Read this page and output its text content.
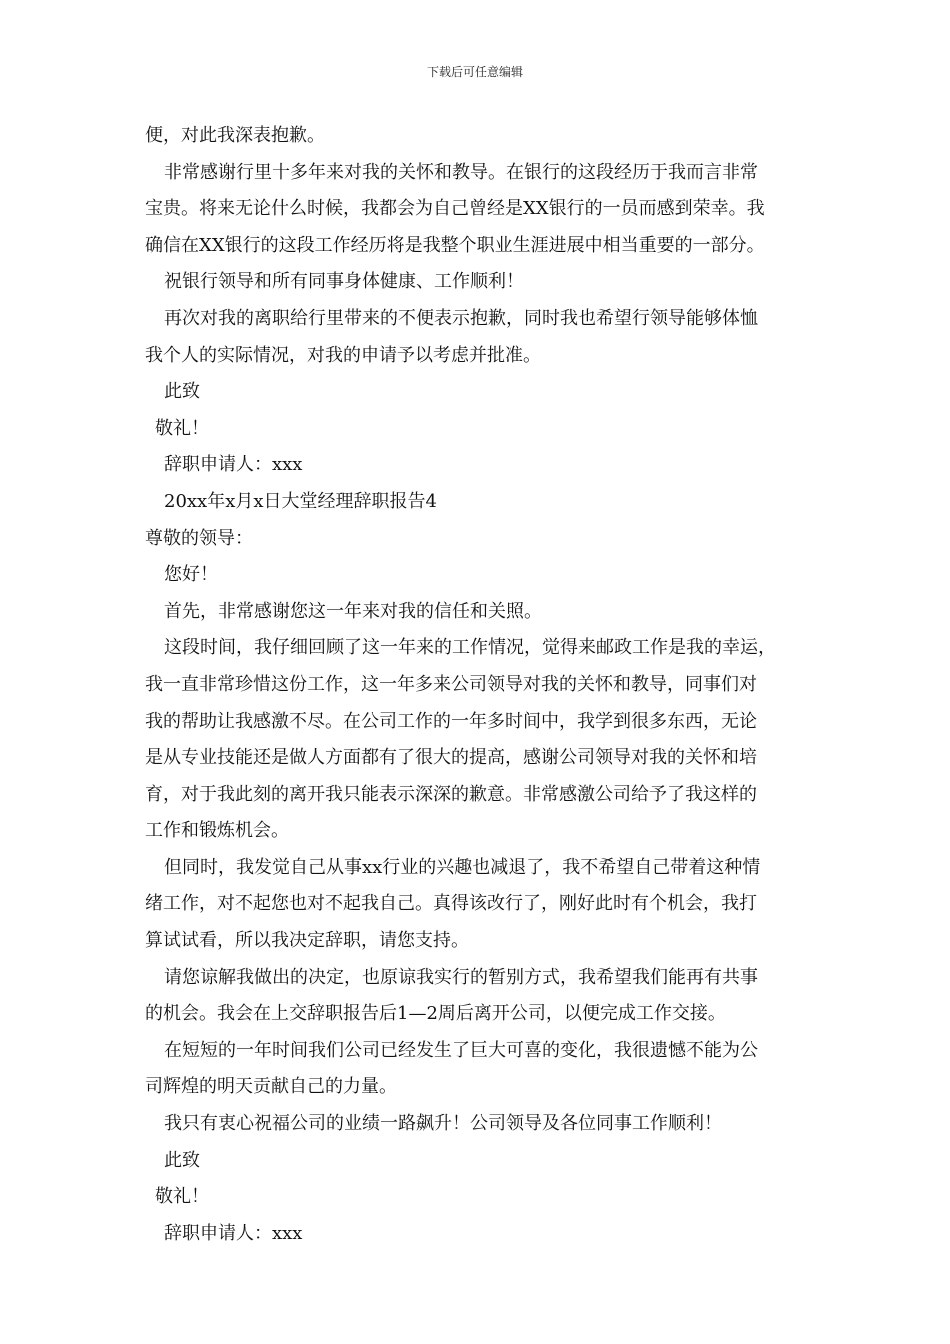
下载后可任意编辑
便，对此我深表抱歉。
非常感谢行里十多年来对我的关怀和教导。在银行的这段经历于我而言非常
宝贵。将来无论什么时候，我都会为自己曾经是XX银行的一员而感到荣幸。我
确信在XX银行的这段工作经历将是我整个职业生涯进展中相当重要的一部分。
祝银行领导和所有同事身体健康、工作顺利！
再次对我的离职给行里带来的不便表示抱歉，同时我也希望行领导能够体恤
我个人的实际情况，对我的申请予以考虑并批准。
此致
敬礼！
辞职申请人：xxx
20xx年x月x日大堂经理辞职报告4
尊敬的领导：
您好！
首先，非常感谢您这一年来对我的信任和关照。
这段时间，我仔细回顾了这一年来的工作情况，觉得来邮政工作是我的幸运，
我一直非常珍惜这份工作，这一年多来公司领导对我的关怀和教导，同事们对
我的帮助让我感激不尽。在公司工作的一年多时间中，我学到很多东西，无论
是从专业技能还是做人方面都有了很大的提高，感谢公司领导对我的关怀和培
育，对于我此刻的离开我只能表示深深的歉意。非常感激公司给予了我这样的
工作和锻炼机会。
但同时，我发觉自己从事xx行业的兴趣也减退了，我不希望自己带着这种情
绪工作，对不起您也对不起我自己。真得该改行了，刚好此时有个机会，我打
算试试看，所以我决定辞职，请您支持。
请您谅解我做出的决定，也原谅我实行的暂别方式，我希望我们能再有共事
的机会。我会在上交辞职报告后1—2周后离开公司，以便完成工作交接。
在短短的一年时间我们公司已经发生了巨大可喜的变化，我很遗憾不能为公
司辉煌的明天贡献自己的力量。
我只有衷心祝福公司的业绩一路飙升！公司领导及各位同事工作顺利！
此致
敬礼！
辞职申请人：xxx
